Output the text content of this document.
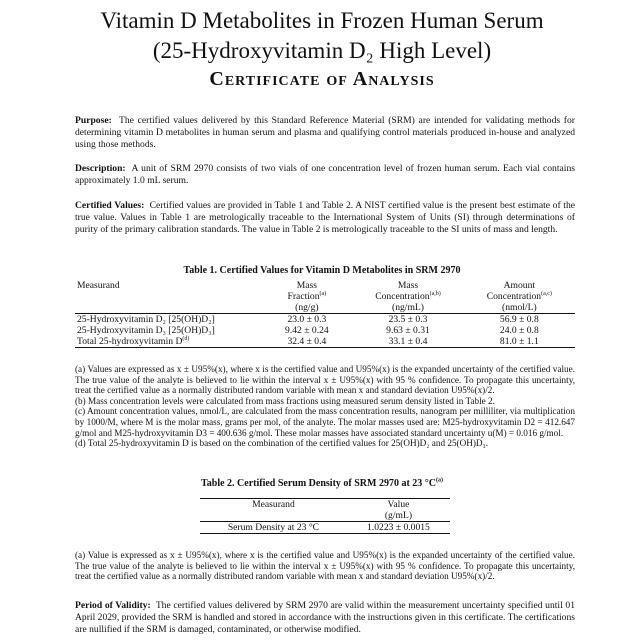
Vitamin D Metabolites in Frozen Human Serum
(25-Hydroxyvitamin D₂ High Level)
Certificate of Analysis
Purpose: The certified values delivered by this Standard Reference Material (SRM) are intended for validating methods for determining vitamin D metabolites in human serum and plasma and qualifying control materials produced in-house and analyzed using those methods.
Description: A unit of SRM 2970 consists of two vials of one concentration level of frozen human serum. Each vial contains approximately 1.0 mL serum.
Certified Values: Certified values are provided in Table 1 and Table 2. A NIST certified value is the present best estimate of the true value. Values in Table 1 are metrologically traceable to the International System of Units (SI) through determinations of purity of the primary calibration standards. The value in Table 2 is metrologically traceable to the SI units of mass and length.
Table 1. Certified Values for Vitamin D Metabolites in SRM 2970
Measurand	Mass	Mass	Amount
	Fraction$^{(a)}$	Concentration$^{(a,b)}$	Concentration$^{(a,c)}$
	(ng/g)	(ng/mL)	(nmol/L)
25-Hydroxyvitamin D₂ [25(OH)D₂]	23.0 ± 0.3	23.5 ± 0.3	56.9 ± 0.8
25-Hydroxyvitamin D₃ [25(OH)D₃]	9.42 ± 0.24	9.63 ± 0.31	24.0 ± 0.8
Total 25-hydroxyvitamin $D^{(d)}$	32.4 ± 0.4	33.1 ± 0.4	81.0 ± 1.1

(a) Values are expressed as x ± U95%(x), where x is the certified value and U95%(x) is the expanded uncertainty of the certified value. The true value of the analyte is believed to lie within the interval x ± U95%(x) with 95 % confidence. To propagate this uncertainty, treat the certified value as a normally distributed random variable with mean x and standard deviation U95%(x)/2.

(b) Mass concentration levels were calculated from mass fractions using measured serum density listed in Table 2.

(c) Amount concentration values, nmol/L, are calculated from the mass concentration results, nanogram per milliliter, via multiplication by 1000/M, where M is the molar mass, grams per mol, of the analyte. The molar masses used are: M25-hydroxyvitamin D2 = 412.647 g/mol and M25-hydroxyvitamin D3 = 400.636 g/mol. These molar masses have associated standard uncertainty u(M) = 0.016 g/mol.

(d) Total 25-hydroxyvitamin D is based on the combination of the certified values for 25(OH)D₂ and 25(OH)D₃.

Table 2. Certified Serum Density of SRM 2970 at 23 $^\circ C^{(a)}$
Measurand	Value
	(g/mL)
Serum Density at 23 °C	1.0223 ± 0.0015

(a) Value is expressed as x ± U95%(x), where x is the certified value and U95%(x) is the expanded uncertainty of the certified value. The true value of the analyte is believed to lie within the interval x ± U95%(x) with 95 % confidence. To propagate this uncertainty, treat the certified value as a normally distributed random variable with mean x and standard deviation U95%(x)/2.

Period of Validity: The certified values delivered by SRM 2970 are valid within the measurement uncertainty specified until 01 April 2029, provided the SRM is handled and stored in accordance with the instructions given in this certificate. The certifications are nullified if the SRM is damaged, contaminated, or otherwise modified.
